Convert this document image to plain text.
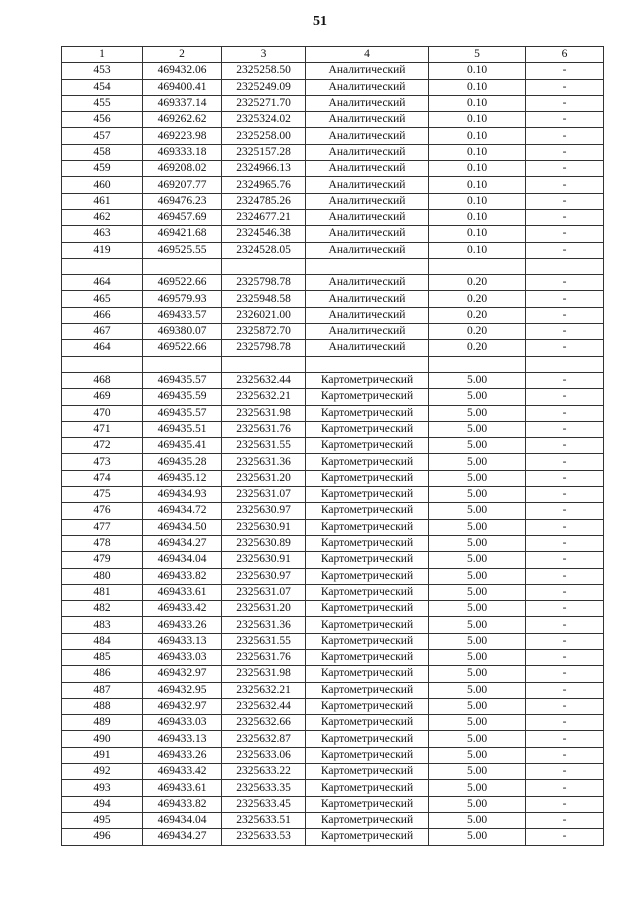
51
1	2	3	4	5	6
453	469432.06	2325258.50	Аналитический	0.10	-
454	469400.41	2325249.09	Аналитический	0.10	-
455	469337.14	2325271.70	Аналитический	0.10	-
456	469262.62	2325324.02	Аналитический	0.10	-
457	469223.98	2325258.00	Аналитический	0.10	-
458	469333.18	2325157.28	Аналитический	0.10	-
459	469208.02	2324966.13	Аналитический	0.10	-
460	469207.77	2324965.76	Аналитический	0.10	-
461	469476.23	2324785.26	Аналитический	0.10	-
462	469457.69	2324677.21	Аналитический	0.10	-
463	469421.68	2324546.38	Аналитический	0.10	-
419	469525.55	2324528.05	Аналитический	0.10	-

464	469522.66	2325798.78	Аналитический	0.20	-
465	469579.93	2325948.58	Аналитический	0.20	-
466	469433.57	2326021.00	Аналитический	0.20	-
467	469380.07	2325872.70	Аналитический	0.20	-
464	469522.66	2325798.78	Аналитический	0.20	-

468	469435.57	2325632.44	Картометрический	5.00	-
469	469435.59	2325632.21	Картометрический	5.00	-
470	469435.57	2325631.98	Картометрический	5.00	-
471	469435.51	2325631.76	Картометрический	5.00	-
472	469435.41	2325631.55	Картометрический	5.00	-
473	469435.28	2325631.36	Картометрический	5.00	-
474	469435.12	2325631.20	Картометрический	5.00	-
475	469434.93	2325631.07	Картометрический	5.00	-
476	469434.72	2325630.97	Картометрический	5.00	-
477	469434.50	2325630.91	Картометрический	5.00	-
478	469434.27	2325630.89	Картометрический	5.00	-
479	469434.04	2325630.91	Картометрический	5.00	-
480	469433.82	2325630.97	Картометрический	5.00	-
481	469433.61	2325631.07	Картометрический	5.00	-
482	469433.42	2325631.20	Картометрический	5.00	-
483	469433.26	2325631.36	Картометрический	5.00	-
484	469433.13	2325631.55	Картометрический	5.00	-
485	469433.03	2325631.76	Картометрический	5.00	-
486	469432.97	2325631.98	Картометрический	5.00	-
487	469432.95	2325632.21	Картометрический	5.00	-
488	469432.97	2325632.44	Картометрический	5.00	-
489	469433.03	2325632.66	Картометрический	5.00	-
490	469433.13	2325632.87	Картометрический	5.00	-
491	469433.26	2325633.06	Картометрический	5.00	-
492	469433.42	2325633.22	Картометрический	5.00	-
493	469433.61	2325633.35	Картометрический	5.00	-
494	469433.82	2325633.45	Картометрический	5.00	-
495	469434.04	2325633.51	Картометрический	5.00	-
496	469434.27	2325633.53	Картометрический	5.00	-
